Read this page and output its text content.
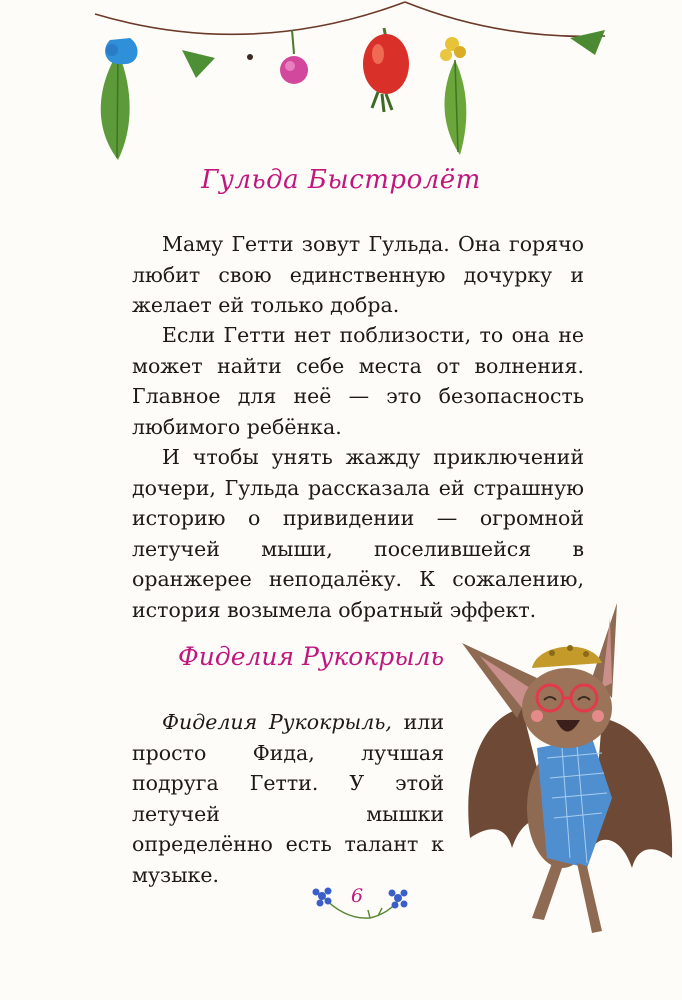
Гульда Быстролёт

Маму Гетти зовут Гульда. Она горячо любит свою единственную дочурку и желает ей только добра.

Если Гетти нет поблизости, то она не может найти себе места от волнения. Главное для неё — это безопасность любимого ребёнка.

И чтобы унять жажду приключений дочери, Гульда рассказала ей страшную историю о привидении — огромной летучей мыши, поселившейся в оранжерее неподалёку. К сожалению, история возымела обратный эффект.

Фиделия Рукокрыль

Фиделия Рукокрыль, или просто Фида, лучшая подруга Гетти. У этой летучей мышки определённо есть талант к музыке.

6
